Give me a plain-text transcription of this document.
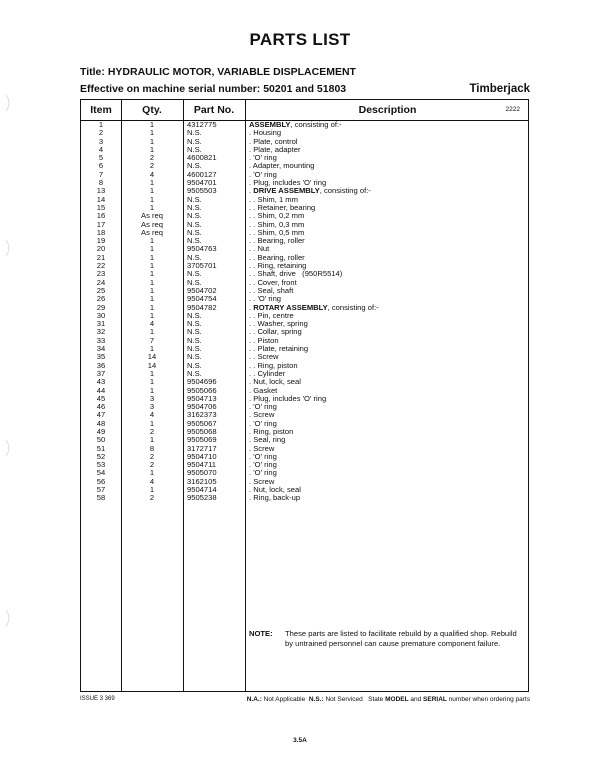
PARTS LIST
Title: HYDRAULIC MOTOR, VARIABLE DISPLACEMENT
Effective on machine serial number: 50201 and 51803	Timberjack
Item	Qty.	Part No.	Description	2222
1	1	4312775	ASSEMBLY, consisting of:-
2	1	N.S.	. Housing
3	1	N.S.	. Plate, control
4	1	N.S.	. Plate, adapter
5	2	4600821	. 'O' ring
6	2	N.S.	. Adapter, mounting
7	4	4600127	. 'O' ring
8	1	9504701	. Plug, includes 'O' ring
13	1	9505503	. DRIVE ASSEMBLY, consisting of:-
14	1	N.S.	. . Shim, 1 mm
15	1	N.S.	. . Retainer, bearing
16	As req	N.S.	. . Shim, 0,2 mm
17	As req	N.S.	. . Shim, 0,3 mm
18	As req	N.S.	. . Shim, 0,5 mm
19	1	N.S.	. . Bearing, roller
20	1	9504763	. . Nut
21	1	N.S.	. . Bearing, roller
22	1	3705701	. . Ring, retaining
23	1	N.S.	. . Shaft, drive   (950R5514)
24	1	N.S.	. . Cover, front
25	1	9504702	. . Seal, shaft
26	1	9504754	. . 'O' ring
29	1	9504782	. ROTARY ASSEMBLY, consisting of:-
30	1	N.S.	. . Pin, centre
31	4	N.S.	. . Washer, spring
32	1	N.S.	. . Collar, spring
33	7	N.S.	. . Piston
34	1	N.S.	. . Plate, retaining
35	14	N.S.	. . Screw
36	14	N.S.	. . Ring, piston
37	1	N.S.	. . Cylinder
43	1	9504696	. Nut, lock, seal
44	1	9505066	. Gasket
45	3	9504713	. Plug, includes 'O' ring
46	3	9504706	. 'O' ring
47	4	3162373	. Screw
48	1	9505067	. 'O' ring
49	2	9505068	. Ring, piston
50	1	9505069	. Seal, ring
51	8	3172717	. Screw
52	2	9504710	. 'O' ring
53	2	9504711	. 'O' ring
54	1	9505070	. 'O' ring
56	4	3162105	. Screw
57	1	9504714	. Nut, lock, seal
58	2	9505238	. Ring, back-up
NOTE: These parts are listed to facilitate rebuild by a qualified shop. Rebuild by untrained personnel can cause premature component failure.
ISSUE 3 369	N.A.: Not Applicable  N.S.: Not Serviced   State MODEL and SERIAL number when ordering parts
3.5A
